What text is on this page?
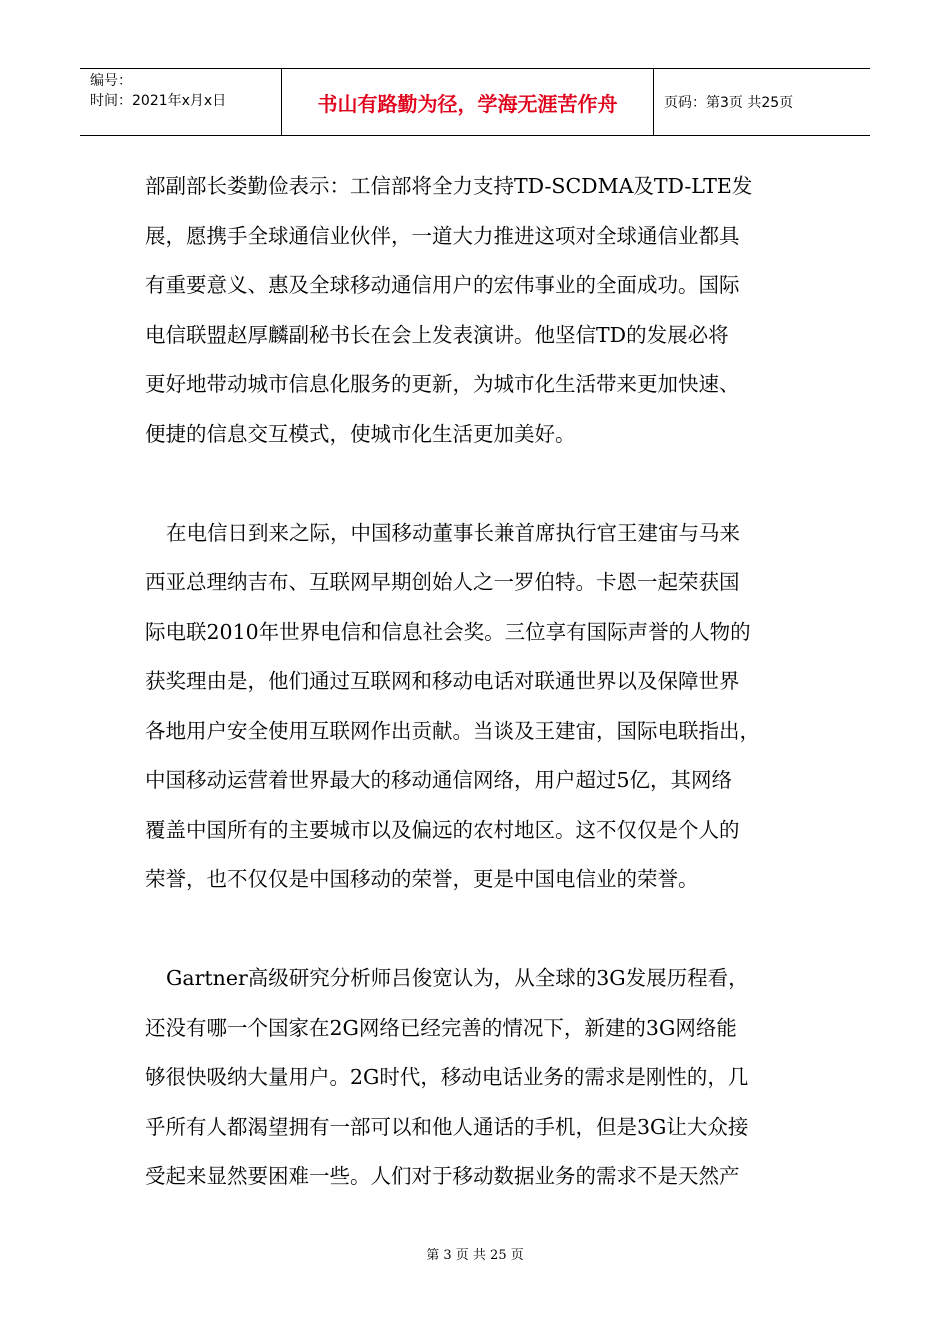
编号：
时间：2021年x月x日	书山有路勤为径，学海无涯苦作舟	页码：第3页 共25页
部副部长娄勤俭表示：工信部将全力支持TD-SCDMA及TD-LTE发
展，愿携手全球通信业伙伴，一道大力推进这项对全球通信业都具
有重要意义、惠及全球移动通信用户的宏伟事业的全面成功。国际
电信联盟赵厚麟副秘书长在会上发表演讲。他坚信TD的发展必将
更好地带动城市信息化服务的更新，为城市化生活带来更加快速、
便捷的信息交互模式，使城市化生活更加美好。
在电信日到来之际，中国移动董事长兼首席执行官王建宙与马来
西亚总理纳吉布、互联网早期创始人之一罗伯特。卡恩一起荣获国
际电联2010年世界电信和信息社会奖。三位享有国际声誉的人物的
获奖理由是，他们通过互联网和移动电话对联通世界以及保障世界
各地用户安全使用互联网作出贡献。当谈及王建宙，国际电联指出，
中国移动运营着世界最大的移动通信网络，用户超过5亿，其网络
覆盖中国所有的主要城市以及偏远的农村地区。这不仅仅是个人的
荣誉，也不仅仅是中国移动的荣誉，更是中国电信业的荣誉。
Gartner高级研究分析师吕俊宽认为，从全球的3G发展历程看，
还没有哪一个国家在2G网络已经完善的情况下，新建的3G网络能
够很快吸纳大量用户。2G时代，移动电话业务的需求是刚性的，几
乎所有人都渴望拥有一部可以和他人通话的手机，但是3G让大众接
受起来显然要困难一些。人们对于移动数据业务的需求不是天然产
第 3 页 共 25 页
